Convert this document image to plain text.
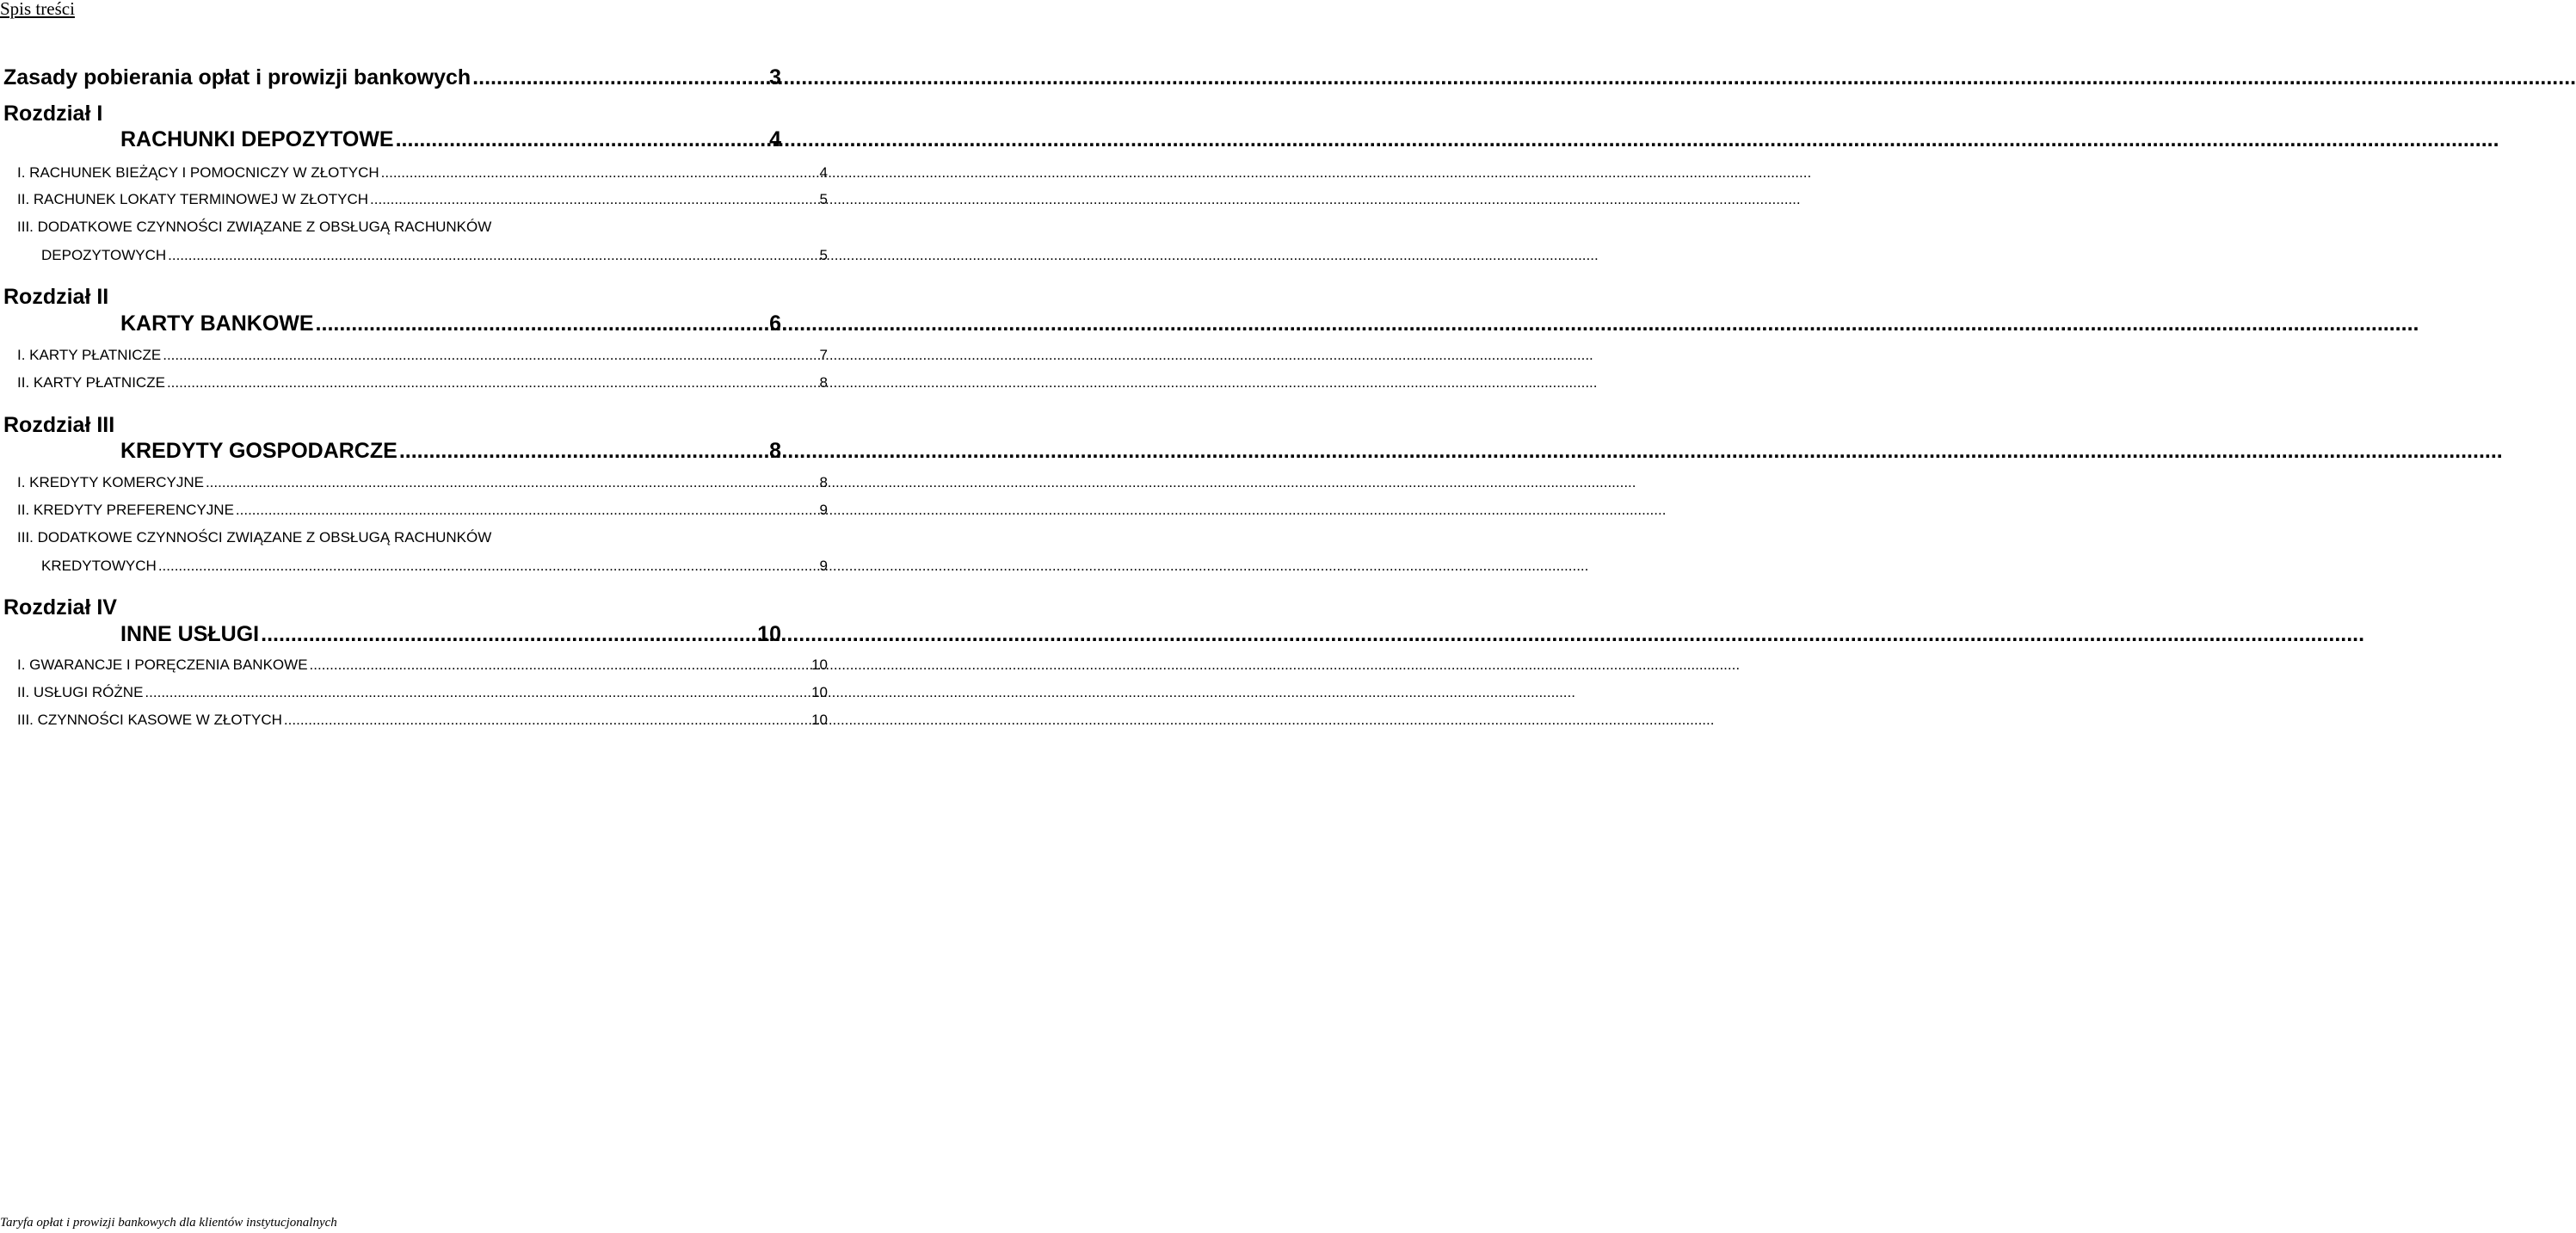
Spis treści
Zasady pobierania opłat i prowizji bankowych .....	3
Rozdział I
RACHUNKI DEPOZYTOWE .....	4
I. RACHUNEK BIEŻĄCY I POMOCNICZY W ZŁOTYCH .....	4
II. RACHUNEK LOKATY TERMINOWEJ W ZŁOTYCH .....	5
III. DODATKOWE CZYNNOŚCI ZWIĄZANE Z OBSŁUGĄ RACHUNKÓW
DEPOZYTOWYCH .....	5
Rozdział II
KARTY BANKOWE .....	6
I. KARTY PŁATNICZE .....	7
II. KARTY PŁATNICZE .....	8
Rozdział III
KREDYTY GOSPODARCZE .....	8
I. KREDYTY KOMERCYJNE .....	8
II. KREDYTY PREFERENCYJNE .....	9
III. DODATKOWE CZYNNOŚCI ZWIĄZANE Z OBSŁUGĄ RACHUNKÓW
KREDYTOWYCH .....	9
Rozdział IV
INNE USŁUGI .....	10
I. GWARANCJE I PORĘCZENIA BANKOWE .....	10
II. USŁUGI RÓŻNE .....	10
III. CZYNNOŚCI KASOWE W ZŁOTYCH .....	10
Taryfa opłat i prowizji bankowych dla klientów instytucjonalnych
